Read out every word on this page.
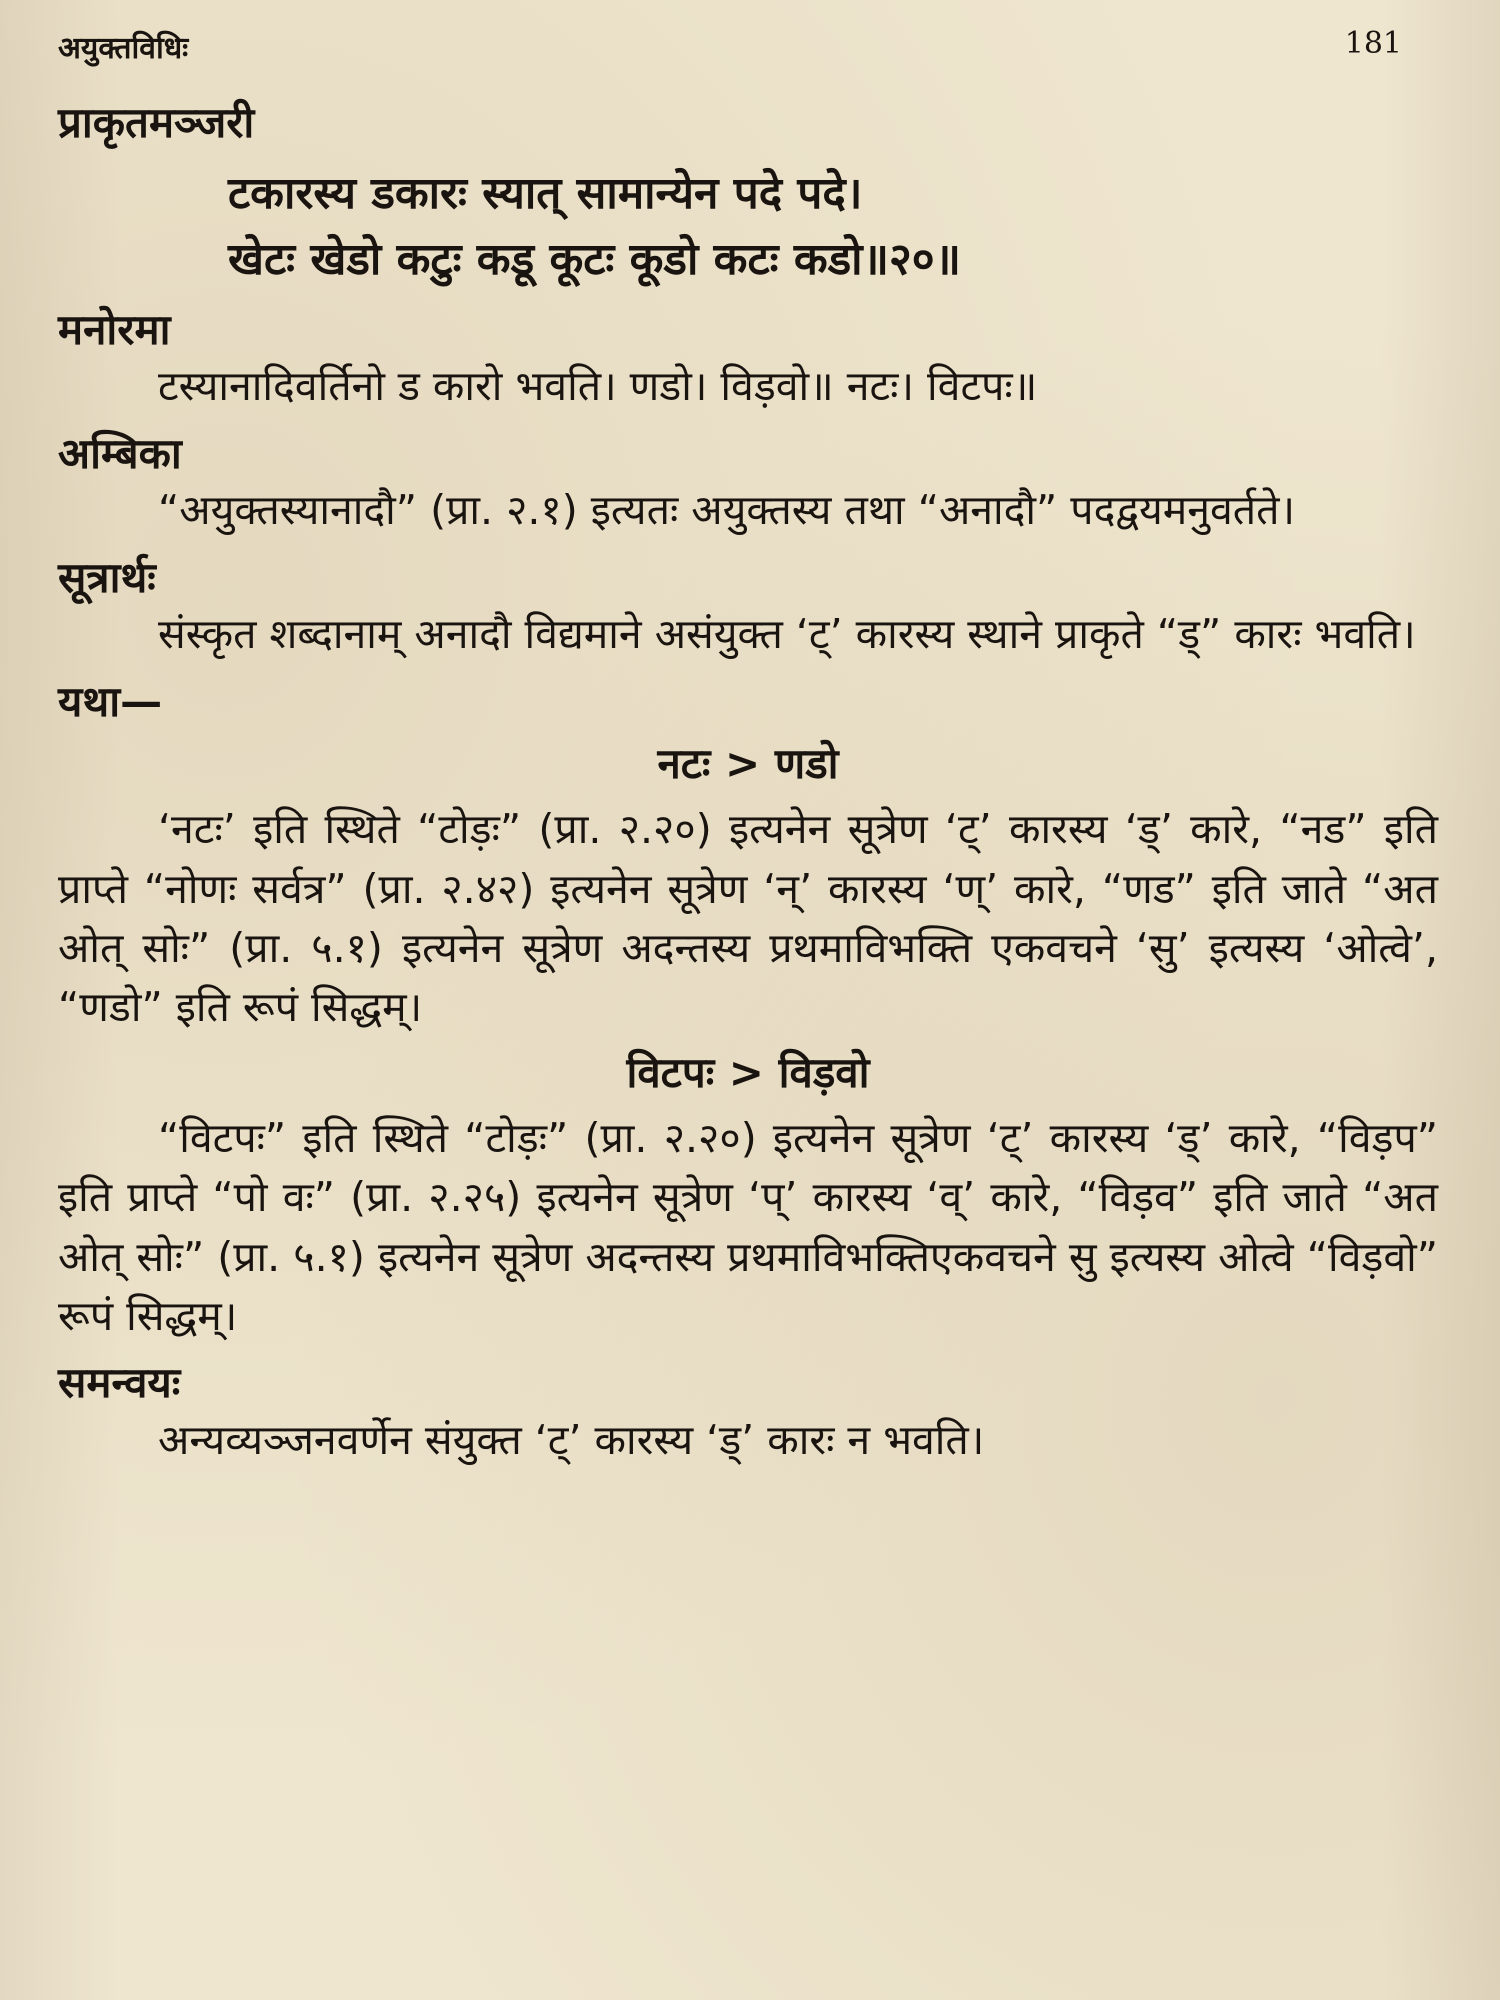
अयुक्तविधिः	181
प्राकृतमञ्जरी

टकारस्य डकारः स्यात् सामान्येन पदे पदे।

खेटः खेडो कटुः कडू कूटः कूडो कटः कडो॥२०॥

मनोरमा

टस्यानादिवर्तिनो ड कारो भवति। णडो। विड़वो॥ नटः। विटपः॥

अम्बिका

“अयुक्तस्यानादौ” (प्रा. २.१) इत्यतः अयुक्तस्य तथा “अनादौ” पदद्वयमनुवर्तते।

सूत्रार्थः

संस्कृत शब्दानाम् अनादौ विद्यमाने असंयुक्त ‘ट्’ कारस्य स्थाने प्राकृते “ड्” कारः भवति।

यथा—
नटः > णडो

‘नटः’ इति स्थिते “टोड़ः” (प्रा. २.२०) इत्यनेन सूत्रेण ‘ट्’ कारस्य ‘ड्’ कारे, “नड” इति प्राप्ते “नोणः सर्वत्र” (प्रा. २.४२) इत्यनेन सूत्रेण ‘न्’ कारस्य ‘ण्’ कारे, “णड” इति जाते “अत ओत् सोः” (प्रा. ५.१) इत्यनेन सूत्रेण अदन्तस्य प्रथमाविभक्ति एकवचने ‘सु’ इत्यस्य ‘ओत्वे’, “णडो” इति रूपं सिद्धम्।

विटपः > विड़वो

“विटपः” इति स्थिते “टोड़ः” (प्रा. २.२०) इत्यनेन सूत्रेण ‘ट्’ कारस्य ‘ड्’ कारे, “विड़प” इति प्राप्ते “पो वः” (प्रा. २.२५) इत्यनेन सूत्रेण ‘प्’ कारस्य ‘व्’ कारे, “विड़व” इति जाते “अत ओत् सोः” (प्रा. ५.१) इत्यनेन सूत्रेण अदन्तस्य प्रथमाविभक्तिएकवचने सु इत्यस्य ओत्वे “विड़वो” रूपं सिद्धम्।

समन्वयः

अन्यव्यञ्जनवर्णेन संयुक्त ‘ट्’ कारस्य ‘ड्’ कारः न भवति।
